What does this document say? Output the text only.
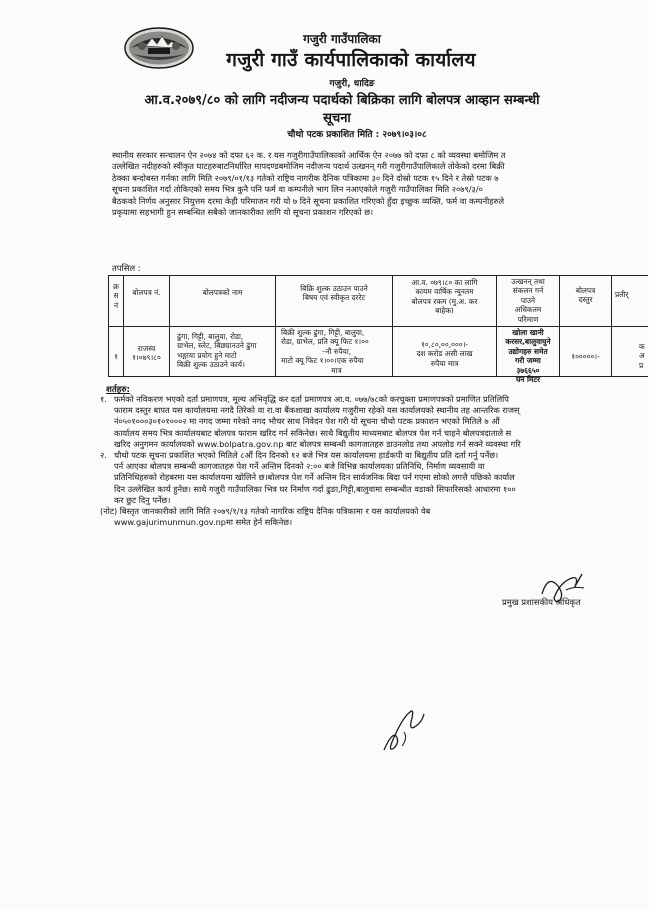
गजुरी गाउँपालिका
गजुरी गाउँ कार्यपालिकाको कार्यालय
गजुरी, धादिङ
आ.व.२०७९/८० को लागि नदीजन्य पदार्थको बिक्रिका लागि बोलपत्र आव्हान सम्बन्धी
सूचना
चौथो पटक प्रकाशित मिति : २०७९।०३।०८
स्थानीय सरकार सन्चालन ऐन २०७४ को दफा ६२ क. र यस गजुरीगाउँपालिकाको आर्थिक ऐन २०७७ को दफा ८ को व्यवस्था बमोजिम त
उल्लेखित नदीहरुको स्वीकृत घाटहरुबाटनिर्धारित मापदण्डबमोजिम नदीजन्य पदार्थ उत्खनन् गरी गजुरीगाउँपालिकाले तोकेको दरमा बिक्री
ठेक्का बन्दोबस्त गर्नका लागि मिति २०७९/०१/१३ गतेको राष्ट्रिय नागरीक दैनिक पत्रिकामा ३० दिने दोस्रो पटक १५ दिने र तेस्रो पटक ७
सूचना प्रकाशित गर्दा तोकिएको समय भित्र कुनै पनि फर्म वा कम्पनीले भाग लिन नआएकोले गजुरी गाउँपालिका मिति २०७९/३/०
बैठकको निर्णय अनुसार नियुत्तम दरमा केही परिमाजन गरी यो ७ दिने सूचना प्रकाशित गरिएको हुँदा इच्छुक व्यक्ति, फर्म वा कम्पनीहरुले
प्रकृयामा सहभागी हुन सम्बन्धित सबैको जानकारीका लागि यो सूचना प्रकाशन गरिएको छ।
तपसिल :
क्र
स
नं
बोलपत्र नं.	बोलपत्रको नाम	बिक्रि शुल्क उठाउन पाउने
बिषय एवं स्वीकृत दररेट
आ.व. ०७९।८० का लागि
कायम वार्षिक न्यूनतम
बोलपत्र रकम (मु.अ. कर
बाहेक)
उत्खनन् तथा
संकलन गर्न
पाउने
अधिकतम
परिमाण
बोलपत्र
दस्तुर
प्रतीर्
१
राजस्व
१।०७९।८०
ढुंगा, गिट्टी, बालुवा, रोडा,
ग्राभेल, स्लेट, बिछ्यानउने ढुंगा
भङ्गाया प्रयोग हुने माटो
बिक्री शुल्क उठाउने कार्य।
बिक्री शुल्क ढुंगा, गिट्टी, बालुवा,
रोडा, ग्राभेल, प्रति क्यू फिट १।००
–नौ रुपैया,
माटो क्यू फिट १।००।एक रुपैया
मात्र
१०,८०,००,०००।-
दश करोड असी लाख
रुपैया मात्र
खोला खानी
करसर,बालुवाघुने
उद्योगहरु समेत
गरी जम्मा
३७६६५०
घन मिटर
१०००००।-
क
अ
प्र
शर्तहरु:
१. फर्मको नविकरण भएको दर्ता प्रमाणपत्र, मूल्य अभिवृद्धि कर दर्ता प्रमाणपत्र आ.व. ०७७/७८को करचुक्ता प्रमाणपत्रको प्रमाणित प्रतिलिपि
फाराम दस्तुर बापत यस कार्यालयमा नगदै तिरेको वा रा.वा बैंकशाखा कार्यालय गजुरीमा रहेको यस कार्यालयको स्थानीय तह आन्तरिक राजस्
नं०५०१०००३०१०१०००२ मा नगद जम्मा गरेको नगद भौचर साथ निवेदन पेश गरी यो सूचना चौथो पटक प्रकाशन भएको मितिले ७ औं
कार्यालय समय भित्र कार्यालयबाट बोलपत्र फाराम खरिद गर्न सकिनेछ। साथै बिद्युतीय माध्यमबाट बोलपत्र पेश गर्न चाहने बोलपत्रदाताले स
खरिद अनुगमन कार्यालयको www.bolpatra.gov.np बाट बोलपत्र सम्बन्धी कागजातहरु डाउनलोड तथा अपलोड गर्न सक्ने व्यवस्था गरि
२. चौथो पटक सूचना प्रकाशित भएको मितिले ८औं दिन दिनको १२ बजे भित्र यस कार्यालयमा हार्डकपी वा बिद्युतीय प्रति दर्ता गर्नु पर्नेछ।
पर्न आएका बोलपत्र सम्बन्धी कागजातहरु पेश गर्ने अन्तिम दिनको २:०० बजे विभिन्न कार्यालयका प्रतिनिधि, निर्माण व्यवसायी वा
प्रतिनिधिहरुको रोहबरमा यस कार्यालयमा खोलिने छ।बोलपत्र पेश गर्ने अन्तिम दिन सार्वजनिक बिदा पर्न गएमा सोको लगत्तै पछिको कार्याल
दिन उल्लेखित कार्य हुनेछ। साथै गजुरी गाउँपालिका भित्र घर निर्माण गर्दा ढुङा,गिट्टी,बालुवामा सम्बन्धीत वडाको सिफारिसको आधारमा १००
कर छुट दिनु पर्नेछ।
(नोट) बिस्तृत जानकारीको लागि मिति २०७९/१/१३ गतेको नागरिक राष्ट्रिय दैनिक पत्रिकामा र यस कार्यालयको वेब
www.gajurimunmun.gov.npमा समेत हेर्न सकिनेछ।
प्रमुख प्रशासकीय अधिकृत
